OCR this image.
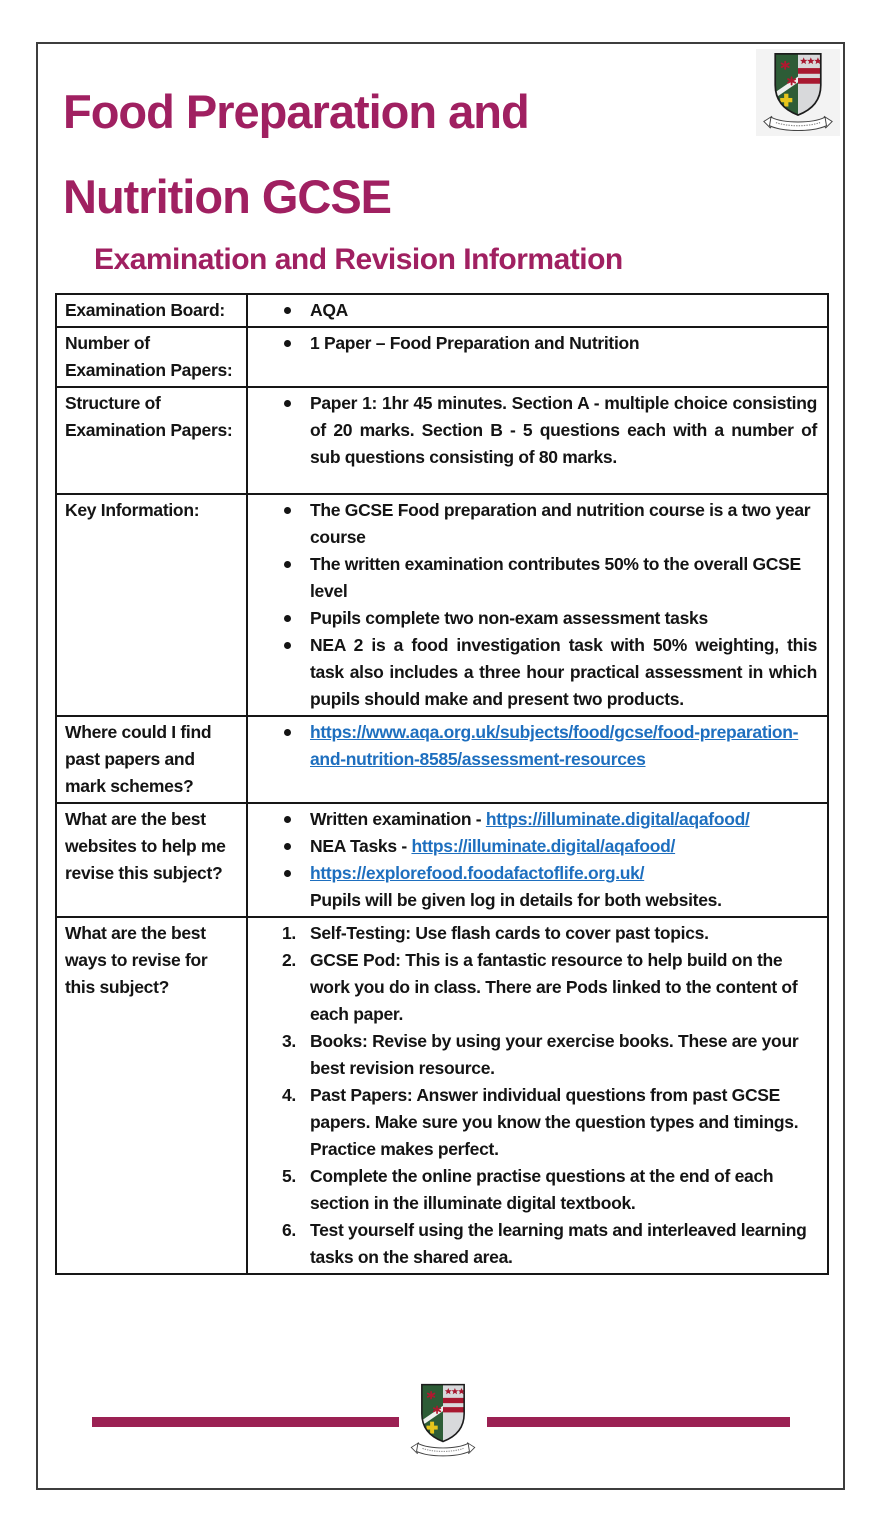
Food Preparation and
Nutrition GCSE
Examination and Revision Information
Examination Board:	AQA

Number of Examination Papers:	
1 Paper – Food Preparation and Nutrition

Structure of Examination Papers:	
Paper 1: 1hr 45 minutes. Section A - multiple choice consisting of 20 marks. Section B - 5 questions each with a number of sub questions consisting of 80 marks.

Key Information:	The GCSE Food preparation and nutrition course is a two year course
The written examination contributes 50% to the overall GCSE level
Pupils complete two non-exam assessment tasks
NEA 2 is a food investigation task with 50% weighting, this task also includes a three hour practical assessment in which pupils should make and present two products.

Where could I find past papers and mark schemes?	
https://www.aqa.org.uk/subjects/food/gcse/food-preparation-and-nutrition-8585/assessment-resources

What are the best websites to help me revise this subject?	
Written examination - https://illuminate.digital/aqafood/
NEA Tasks - https://illuminate.digital/aqafood/
https://explorefood.foodafactoflife.org.uk/
Pupils will be given log in details for both websites.

What are the best ways to revise for this subject?	
1. Self-Testing: Use flash cards to cover past topics.
2. GCSE Pod: This is a fantastic resource to help build on the work you do in class. There are Pods linked to the content of each paper.
3. Books: Revise by using your exercise books. These are your best revision resource.
4. Past Papers: Answer individual questions from past GCSE papers. Make sure you know the question types and timings. Practice makes perfect.
5. Complete the online practise questions at the end of each section in the illuminate digital textbook.
6. Test yourself using the learning mats and interleaved learning tasks on the shared area.
